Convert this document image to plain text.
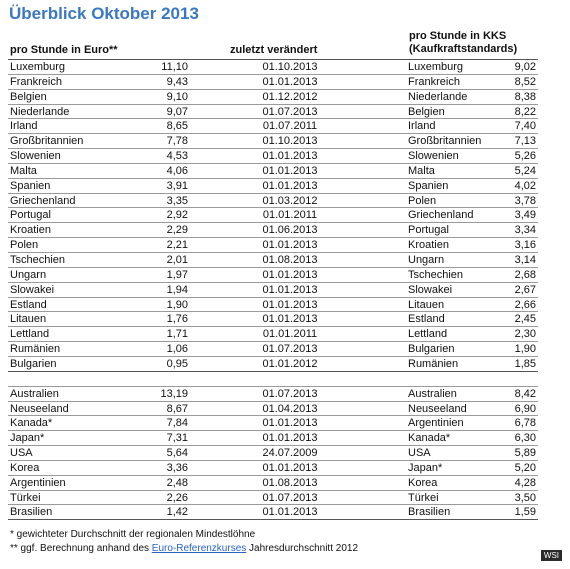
Überblick Oktober 2013
pro Stunde in Euro**	zuletzt verändert
pro Stunde in KKS
(Kaufkraftstandards)
Luxemburg	11,10	01.10.2013	Luxemburg	9,02
Frankreich	9,43	01.01.2013	Frankreich	8,52
Belgien	9,10	01.12.2012	Niederlande	8,38
Niederlande	9,07	01.07.2013	Belgien	8,22
Irland	8,65	01.07.2011	Irland	7,40
Großbritannien	7,78	01.10.2013	Großbritannien	7,13
Slowenien	4,53	01.01.2013	Slowenien	5,26
Malta	4,06	01.01.2013	Malta	5,24
Spanien	3,91	01.01.2013	Spanien	4,02
Griechenland	3,35	01.03.2012	Polen	3,78
Portugal	2,92	01.01.2011	Griechenland	3,49
Kroatien	2,29	01.06.2013	Portugal	3,34
Polen	2,21	01.01.2013	Kroatien	3,16
Tschechien	2,01	01.08.2013	Ungarn	3,14
Ungarn	1,97	01.01.2013	Tschechien	2,68
Slowakei	1,94	01.01.2013	Slowakei	2,67
Estland	1,90	01.01.2013	Litauen	2,66
Litauen	1,76	01.01.2013	Estland	2,45
Lettland	1,71	01.01.2011	Lettland	2,30
Rumänien	1,06	01.07.2013	Bulgarien	1,90
Bulgarien	0,95	01.01.2012	Rumänien	1,85
Australien	13,19	01.07.2013	Australien	8,42
Neuseeland	8,67	01.04.2013	Neuseeland	6,90
Kanada*	7,84	01.01.2013	Argentinien	6,78
Japan*	7,31	01.01.2013	Kanada*	6,30
USA	5,64	24.07.2009	USA	5,89
Korea	3,36	01.01.2013	Japan*	5,20
Argentinien	2,48	01.08.2013	Korea	4,28
Türkei	2,26	01.07.2013	Türkei	3,50
Brasilien	1,42	01.01.2013	Brasilien	1,59
* gewichteter Durchschnitt der regionalen Mindestlöhne
** ggf. Berechnung anhand des Euro-Referenzkurses Jahresdurchschnitt 2012
WSI
